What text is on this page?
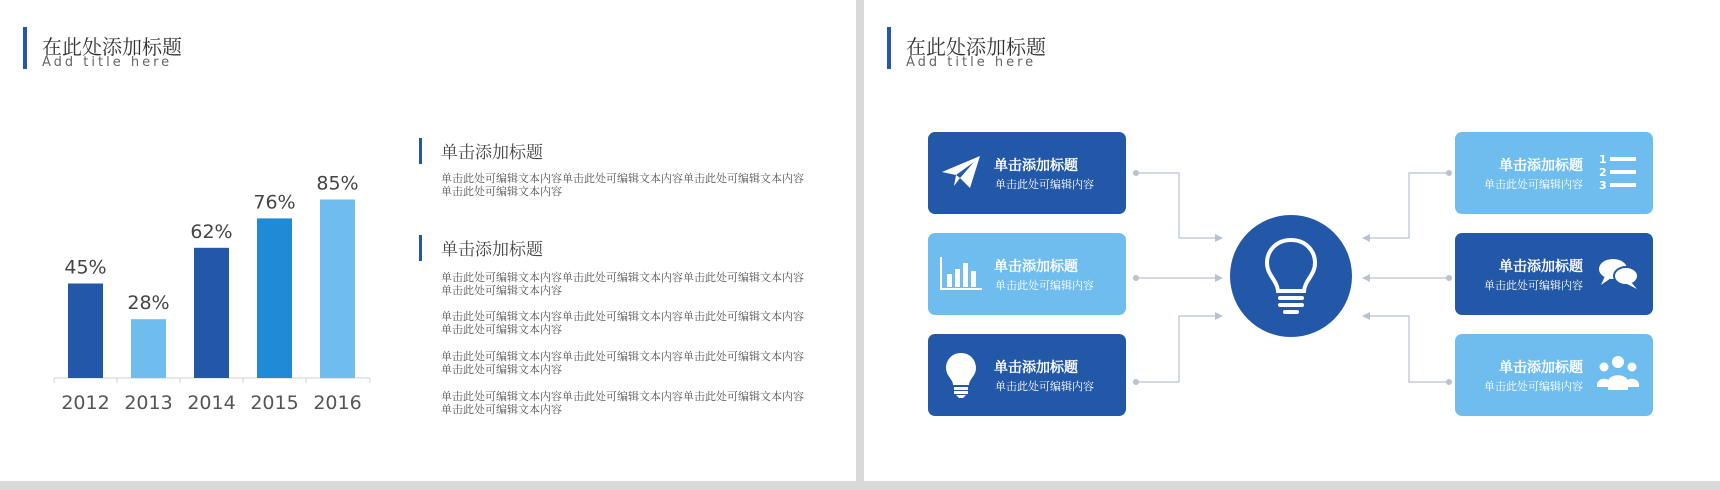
在此处添加标题
Add title here
45%
2012
28%
2013
62%
2014
76%
2015
85%
2016
单击添加标题
单击此处可编辑文本内容单击此处可编辑文本内容单击此处可编辑文本内容单击此处可编辑文本内容
单击添加标题
单击此处可编辑文本内容单击此处可编辑文本内容单击此处可编辑文本内容单击此处可编辑文本内容
单击此处可编辑文本内容单击此处可编辑文本内容单击此处可编辑文本内容单击此处可编辑文本内容
单击此处可编辑文本内容单击此处可编辑文本内容单击此处可编辑文本内容单击此处可编辑文本内容
单击此处可编辑文本内容单击此处可编辑文本内容单击此处可编辑文本内容单击此处可编辑文本内容
在此处添加标题
Add title here
单击添加标题
单击此处可编辑内容
单击添加标题
单击此处可编辑内容
单击添加标题
单击此处可编辑内容
1
2
3
单击添加标题
单击此处可编辑内容
单击添加标题
单击此处可编辑内容
单击添加标题
单击此处可编辑内容
